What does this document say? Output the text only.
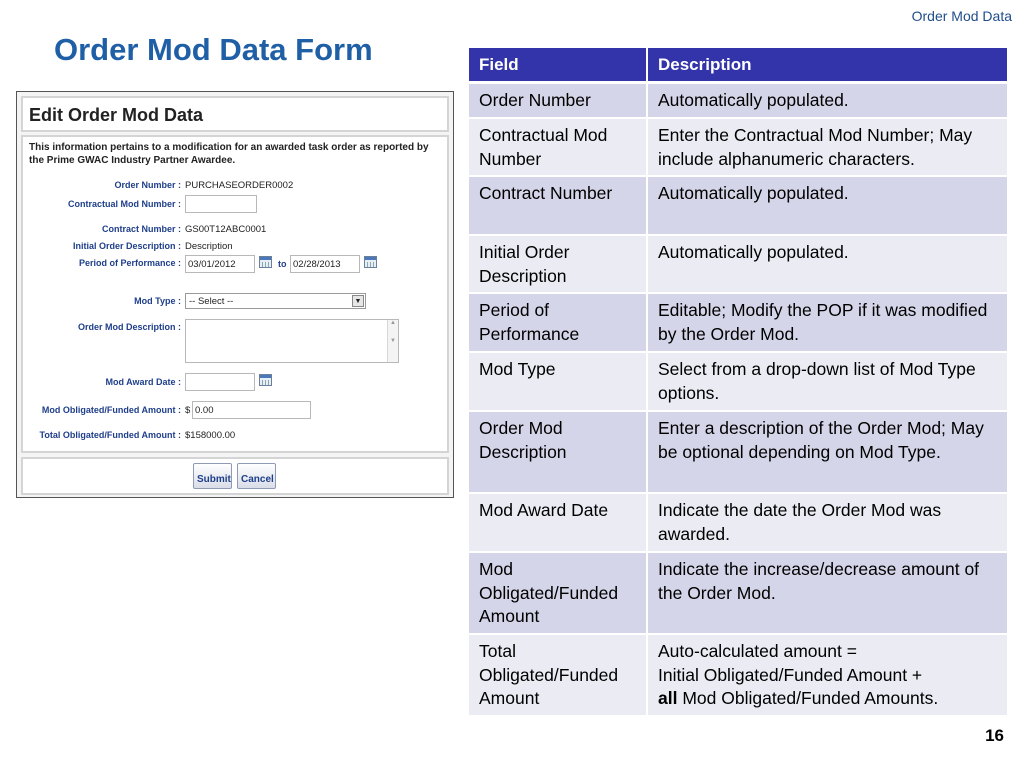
Order Mod Data
Order Mod Data Form
Edit Order Mod Data
This information pertains to a modification for an awarded task order as reported by the Prime GWAC Industry Partner Awardee.
Order Number : PURCHASEORDER0002
Contractual Mod Number :
Contract Number : GS00T12ABC0001
Initial Order Description : Description
Period of Performance : 03/01/2012	to 02/28/2013
Mod Type : -- Select --	▼
Order Mod Description :	▲

▼
Mod Award Date :
Mod Obligated/Funded Amount : $ 0.00
Total Obligated/Funded Amount : $158000.00
Submit	Cancel
Field	Description
Order Number	Automatically populated.
Contractual Mod Number	Enter the Contractual Mod Number; May include alphanumeric characters.
Contract Number	Automatically populated.
Initial Order Description	Automatically populated.
Period of Performance	Editable; Modify the POP if it was modified by the Order Mod.
Mod Type	Select from a drop-down list of Mod Type options.
Order Mod Description	Enter a description of the Order Mod; May be optional depending on Mod Type.
Mod Award Date	Indicate the date the Order Mod was awarded.
Mod Obligated/Funded Amount	Indicate the increase/decrease amount of the Order Mod.
Total Obligated/Funded Amount	Auto-calculated amount =
Initial Obligated/Funded Amount +
all Mod Obligated/Funded Amounts.
16
